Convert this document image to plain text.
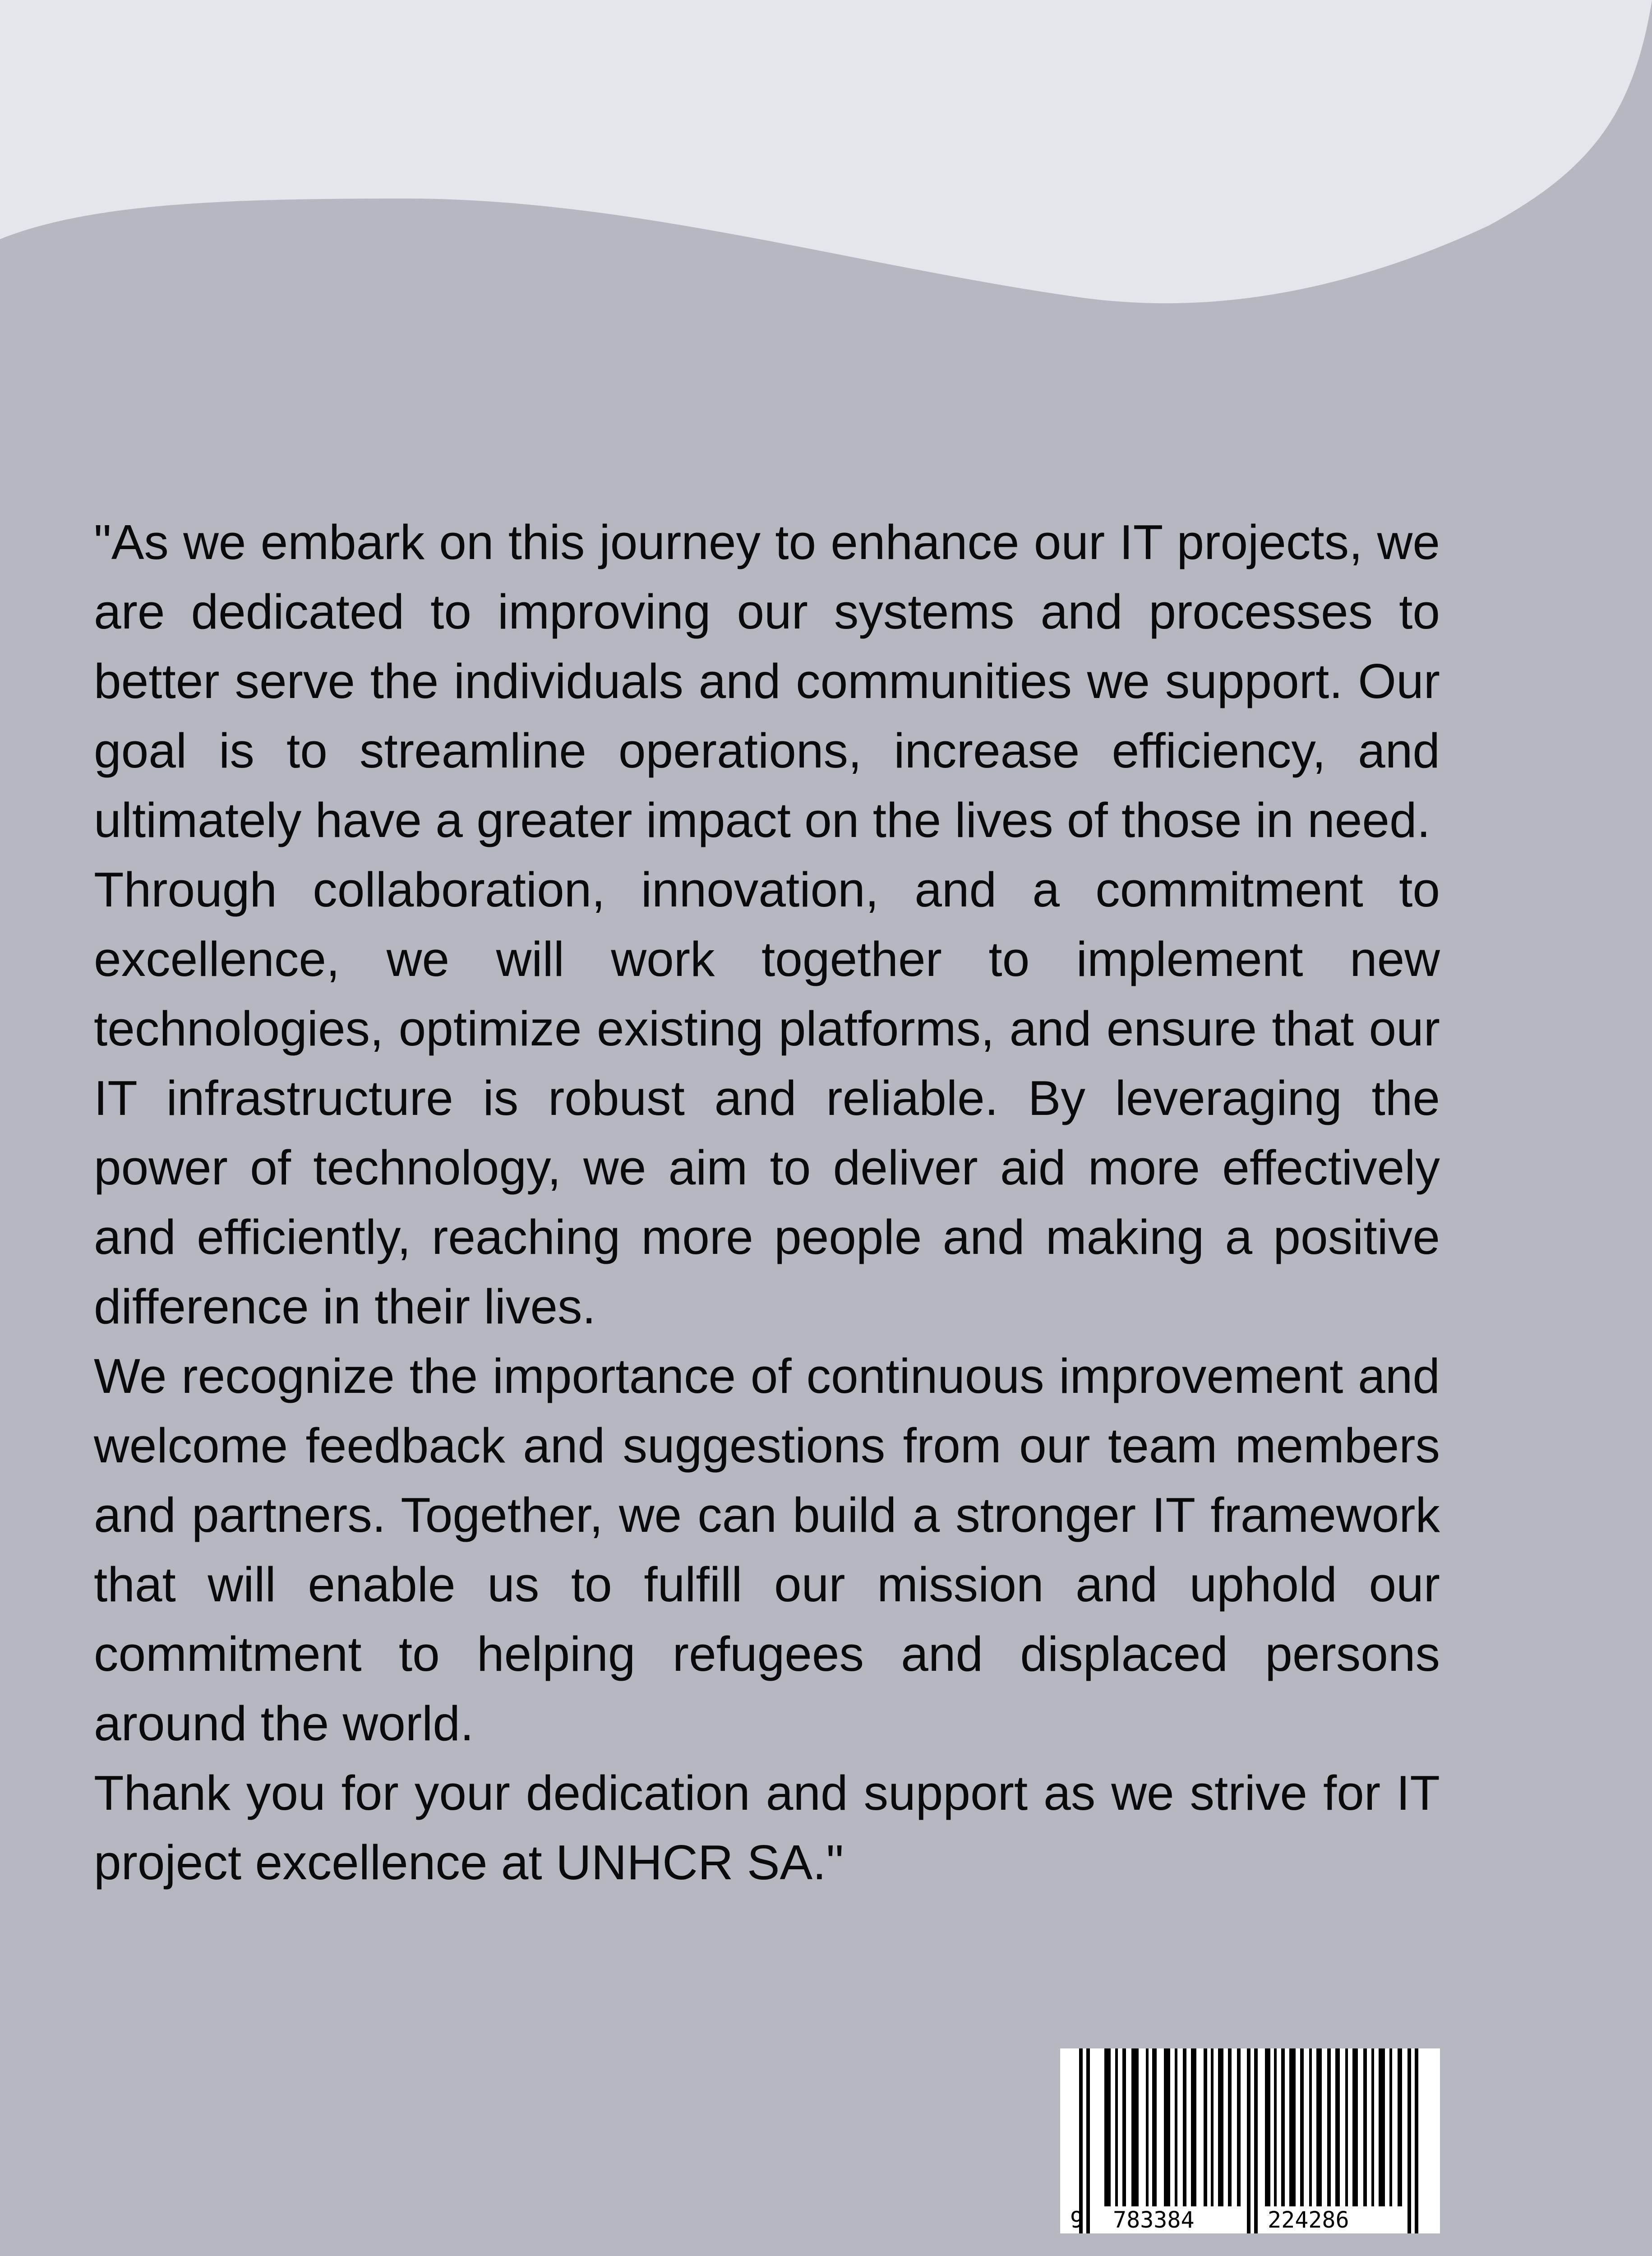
"As we embark on this journey to enhance our IT projects, we are dedicated to improving our systems and processes to better serve the individuals and communities we support. Our goal is to streamline operations, increase efficiency, and ultimately have a greater impact on the lives of those in need.

Through collaboration, innovation, and a commitment to excellence, we will work together to implement new technologies, optimize existing platforms, and ensure that our IT infrastructure is robust and reliable. By leveraging the power of technology, we aim to deliver aid more effectively and efficiently, reaching more people and making a positive difference in their lives.

We recognize the importance of continuous improvement and welcome feedback and suggestions from our team members and partners. Together, we can build a stronger IT framework that will enable us to fulfill our mission and uphold our commitment to helping refugees and displaced persons around the world.

Thank you for your dedication and support as we strive for IT project excellence at UNHCR SA."

9 783384	224286
